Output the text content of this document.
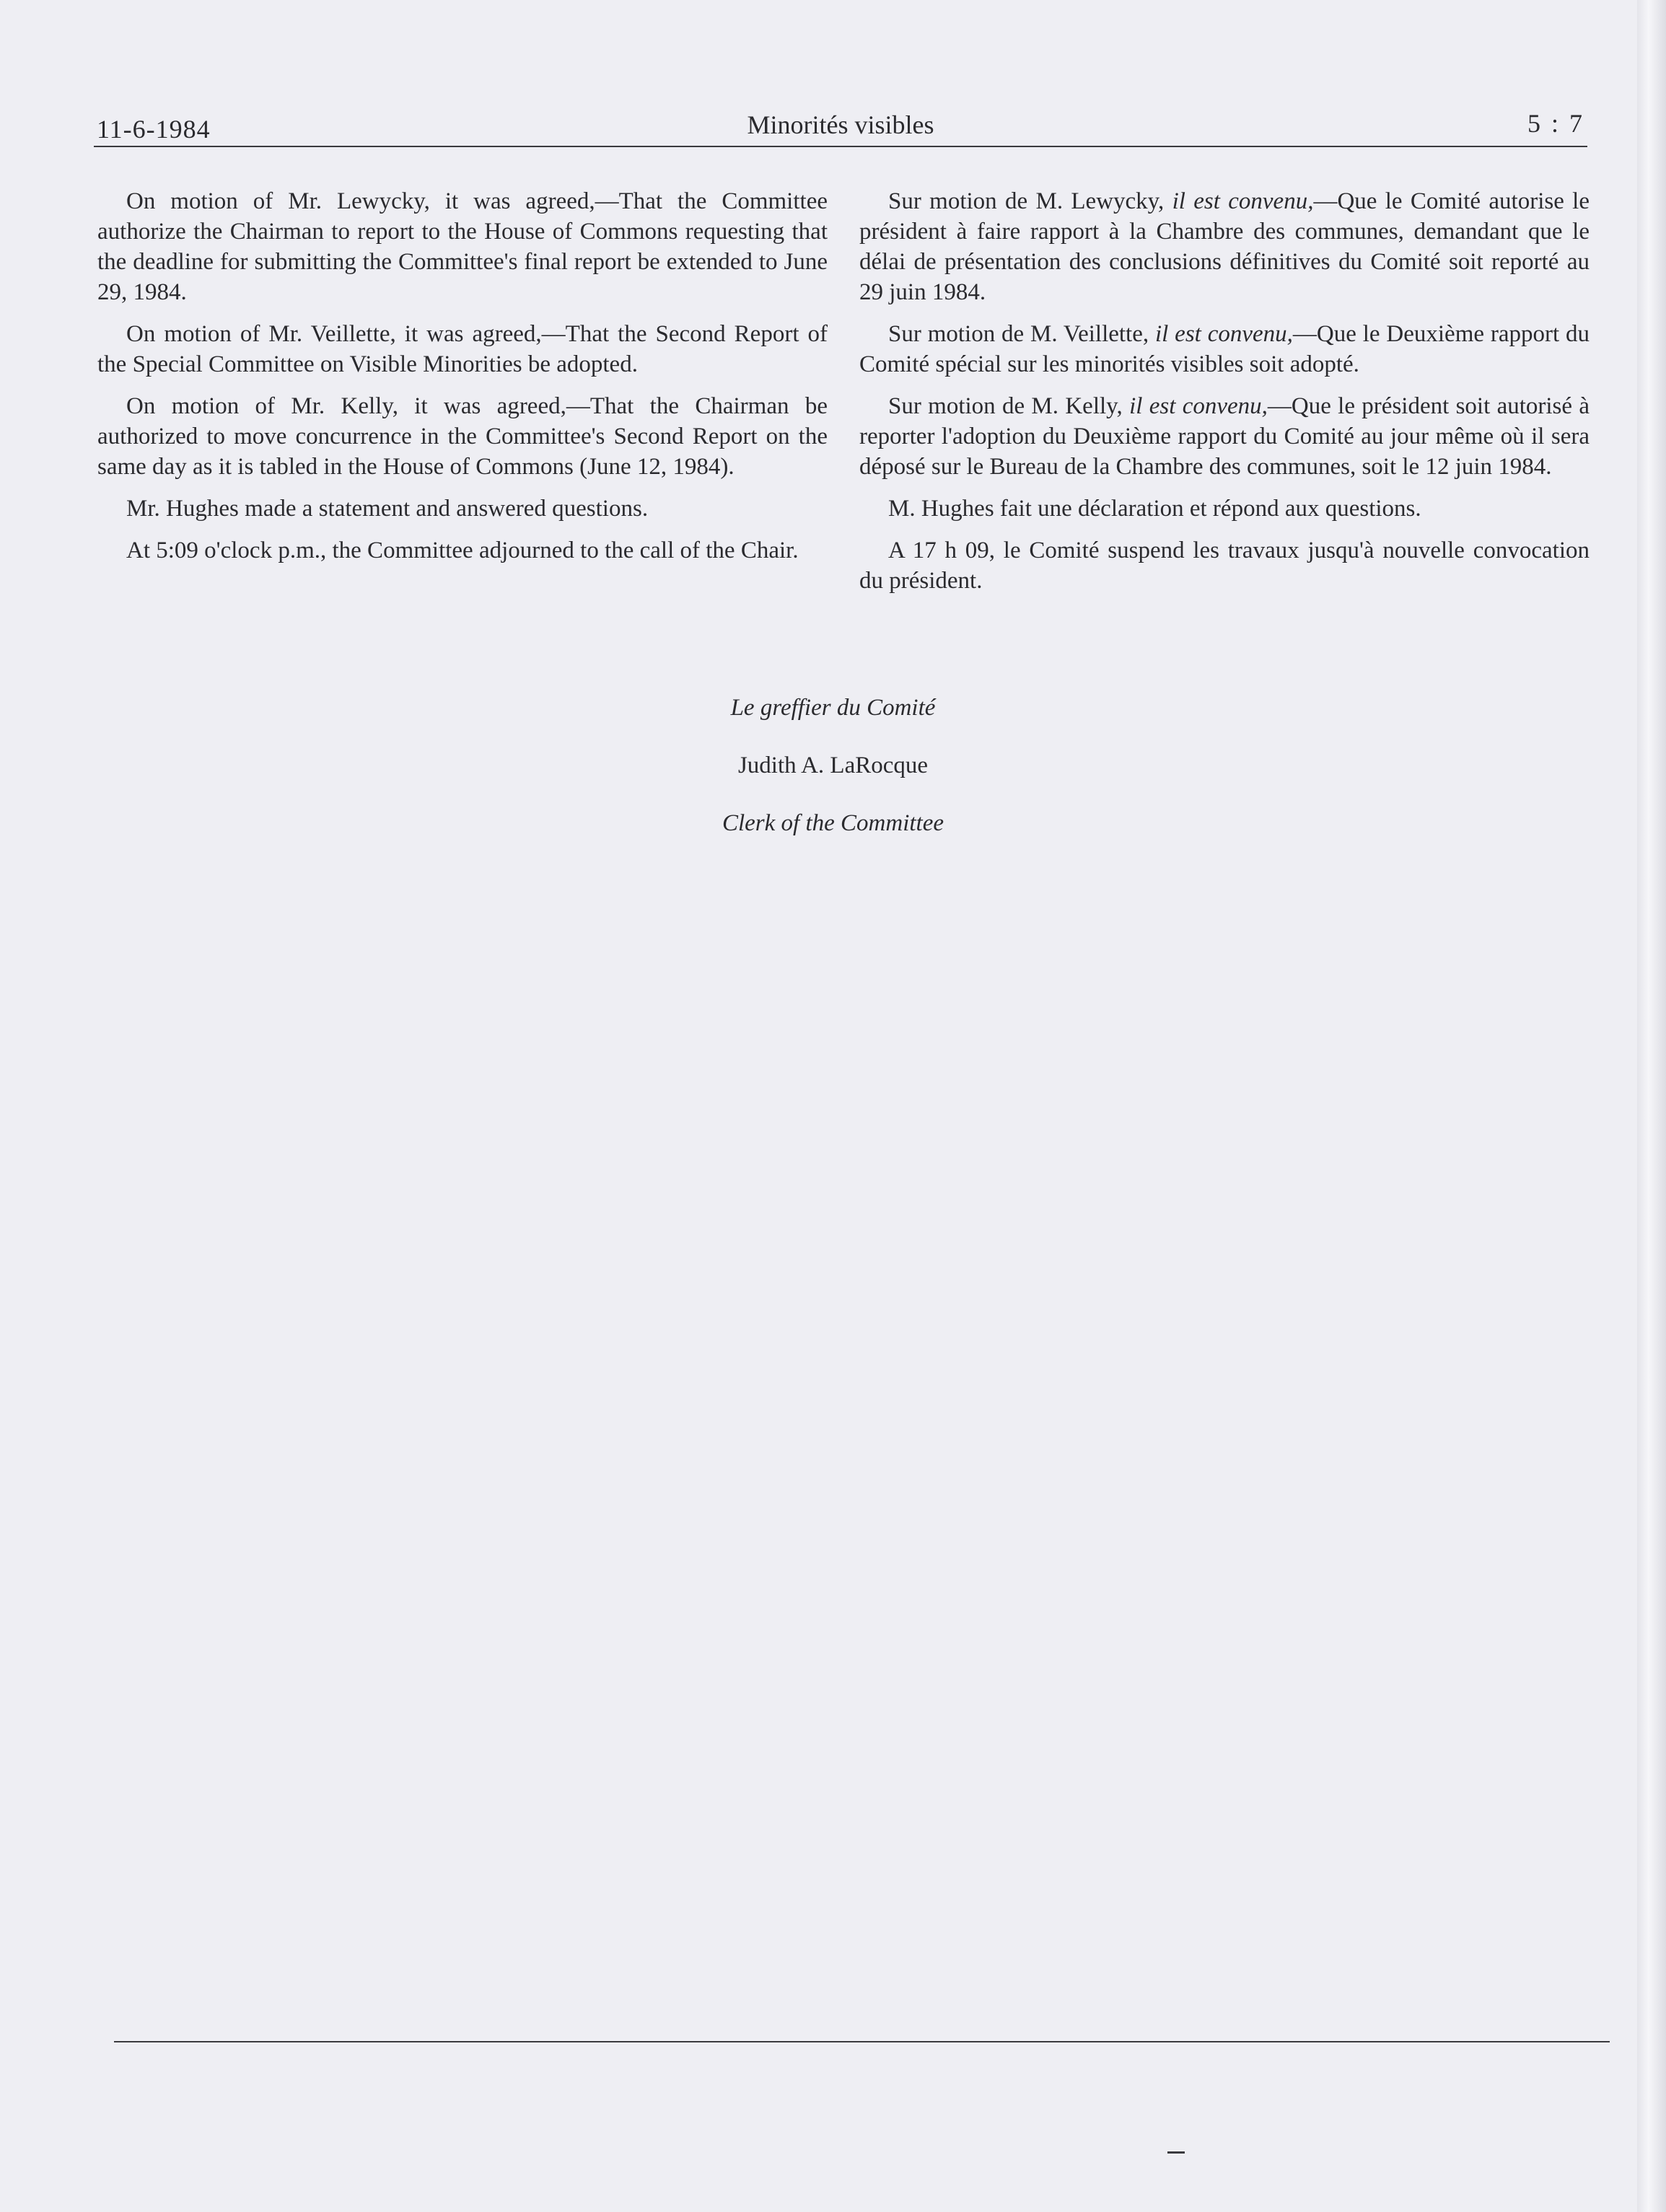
11-6-1984	Minorités visibles	5 : 7

On motion of Mr. Lewycky, it was agreed,—That the Committee authorize the Chairman to report to the House of Commons requesting that the deadline for submitting the Committee's final report be extended to June 29, 1984.

On motion of Mr. Veillette, it was agreed,—That the Second Report of the Special Committee on Visible Minorities be adopted.

On motion of Mr. Kelly, it was agreed,—That the Chairman be authorized to move concurrence in the Committee's Second Report on the same day as it is tabled in the House of Commons (June 12, 1984).

Mr. Hughes made a statement and answered questions.

At 5:09 o'clock p.m., the Committee adjourned to the call of the Chair.

Sur motion de M. Lewycky, il est convenu,—Que le Comité autorise le président à faire rapport à la Chambre des communes, demandant que le délai de présentation des conclusions définitives du Comité soit reporté au 29 juin 1984.

Sur motion de M. Veillette, il est convenu,—Que le Deuxième rapport du Comité spécial sur les minorités visibles soit adopté.

Sur motion de M. Kelly, il est convenu,—Que le président soit autorisé à reporter l'adoption du Deuxième rapport du Comité au jour même où il sera déposé sur le Bureau de la Chambre des communes, soit le 12 juin 1984.

M. Hughes fait une déclaration et répond aux questions.

A 17 h 09, le Comité suspend les travaux jusqu'à nouvelle convocation du président.

Le greffier du Comité
Judith A. LaRocque
Clerk of the Committee
